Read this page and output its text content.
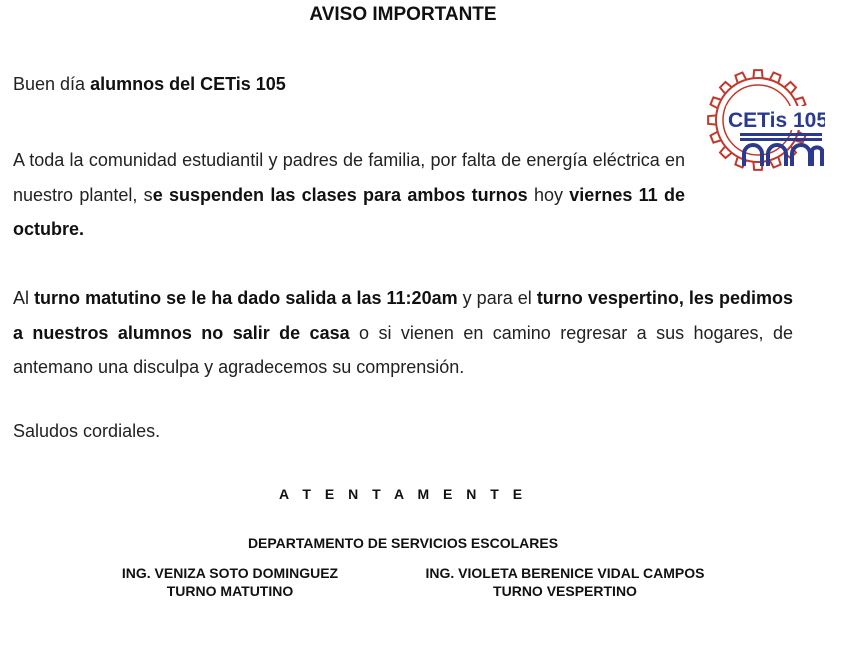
AVISO IMPORTANTE
Buen día alumnos del CETis 105
A toda la comunidad estudiantil y padres de familia, por falta de energía eléctrica en nuestro plantel, se suspenden las clases para ambos turnos hoy viernes 11 de octubre.
Al turno matutino se le ha dado salida a las 11:20am y para el turno vespertino, les pedimos a nuestros alumnos no salir de casa o si vienen en camino regresar a sus hogares, de antemano una disculpa y agradecemos su comprensión.
Saludos cordiales.
A T E N T A M E N T E
DEPARTAMENTO DE SERVICIOS ESCOLARES
ING. VENIZA SOTO DOMINGUEZ
TURNO MATUTINO
ING. VIOLETA BERENICE VIDAL CAMPOS
TURNO VESPERTINO
CETis 105
